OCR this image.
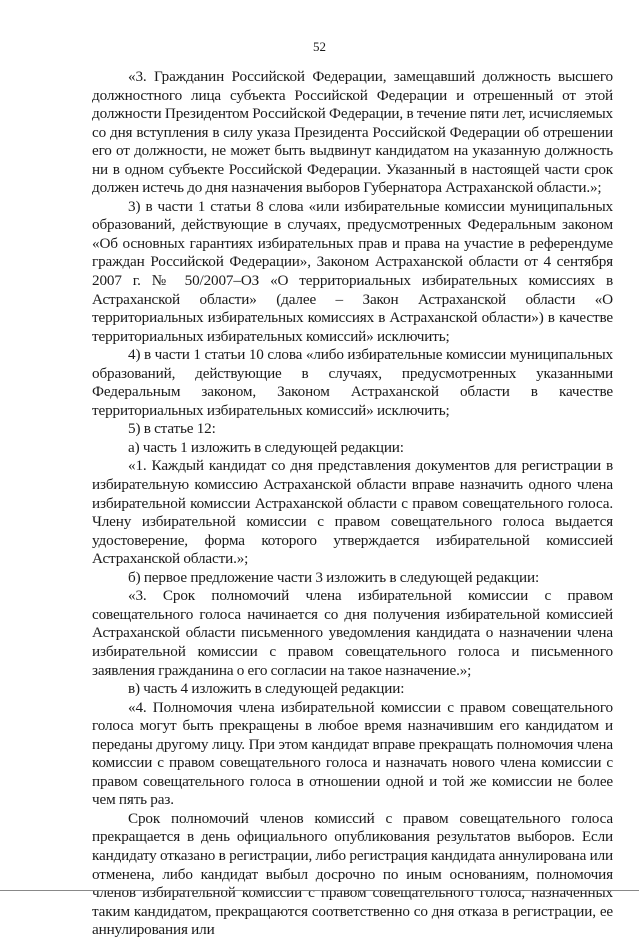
52

«3. Гражданин Российской Федерации, замещавший должность высшего должностного лица субъекта Российской Федерации и отрешенный от этой должности Президентом Российской Федерации, в течение пяти лет, исчисляемых со дня вступления в силу указа Президента Российской Федерации об отрешении его от должности, не может быть выдвинут кандидатом на указанную должность ни в одном субъекте Российской Федерации. Указанный в настоящей части срок должен истечь до дня назначения выборов Губернатора Астраханской области.»;

3) в части 1 статьи 8 слова «или избирательные комиссии муниципальных образований, действующие в случаях, предусмотренных Федеральным законом «Об основных гарантиях избирательных прав и права на участие в референдуме граждан Российской Федерации», Законом Астраханской области от 4 сентября 2007 г. № 50/2007–ОЗ «О территориальных избирательных комиссиях в Астраханской области» (далее – Закон Астраханской области «О территориальных избирательных комиссиях в Астраханской области») в качестве территориальных избирательных комиссий» исключить;

4) в части 1 статьи 10 слова «либо избирательные комиссии муниципальных образований, действующие в случаях, предусмотренных указанными Федеральным законом, Законом Астраханской области в качестве территориальных избирательных комиссий» исключить;

5) в статье 12:

а) часть 1 изложить в следующей редакции:

«1. Каждый кандидат со дня представления документов для регистрации в избирательную комиссию Астраханской области вправе назначить одного члена избирательной комиссии Астраханской области с правом совещательного голоса. Члену избирательной комиссии с правом совещательного голоса выдается удостоверение, форма которого утверждается избирательной комиссией Астраханской области.»;

б) первое предложение части 3 изложить в следующей редакции:

«3. Срок полномочий члена избирательной комиссии с правом совещательного голоса начинается со дня получения избирательной комиссией Астраханской области письменного уведомления кандидата о назначении члена избирательной комиссии с правом совещательного голоса и письменного заявления гражданина о его согласии на такое назначение.»;

в) часть 4 изложить в следующей редакции:

«4. Полномочия члена избирательной комиссии с правом совещательного голоса могут быть прекращены в любое время назначившим его кандидатом и переданы другому лицу. При этом кандидат вправе прекращать полномочия члена комиссии с правом совещательного голоса и назначать нового члена комиссии с правом совещательного голоса в отношении одной и той же комиссии не более чем пять раз.

Срок полномочий членов комиссий с правом совещательного голоса прекращается в день официального опубликования результатов выборов. Если кандидату отказано в регистрации, либо регистрация кандидата аннулирована или отменена, либо кандидат выбыл досрочно по иным основаниям, полномочия членов избирательной комиссии с правом совещательного голоса, назначенных таким кандидатом, прекращаются соответственно со дня отказа в регистрации, ее аннулирования или
